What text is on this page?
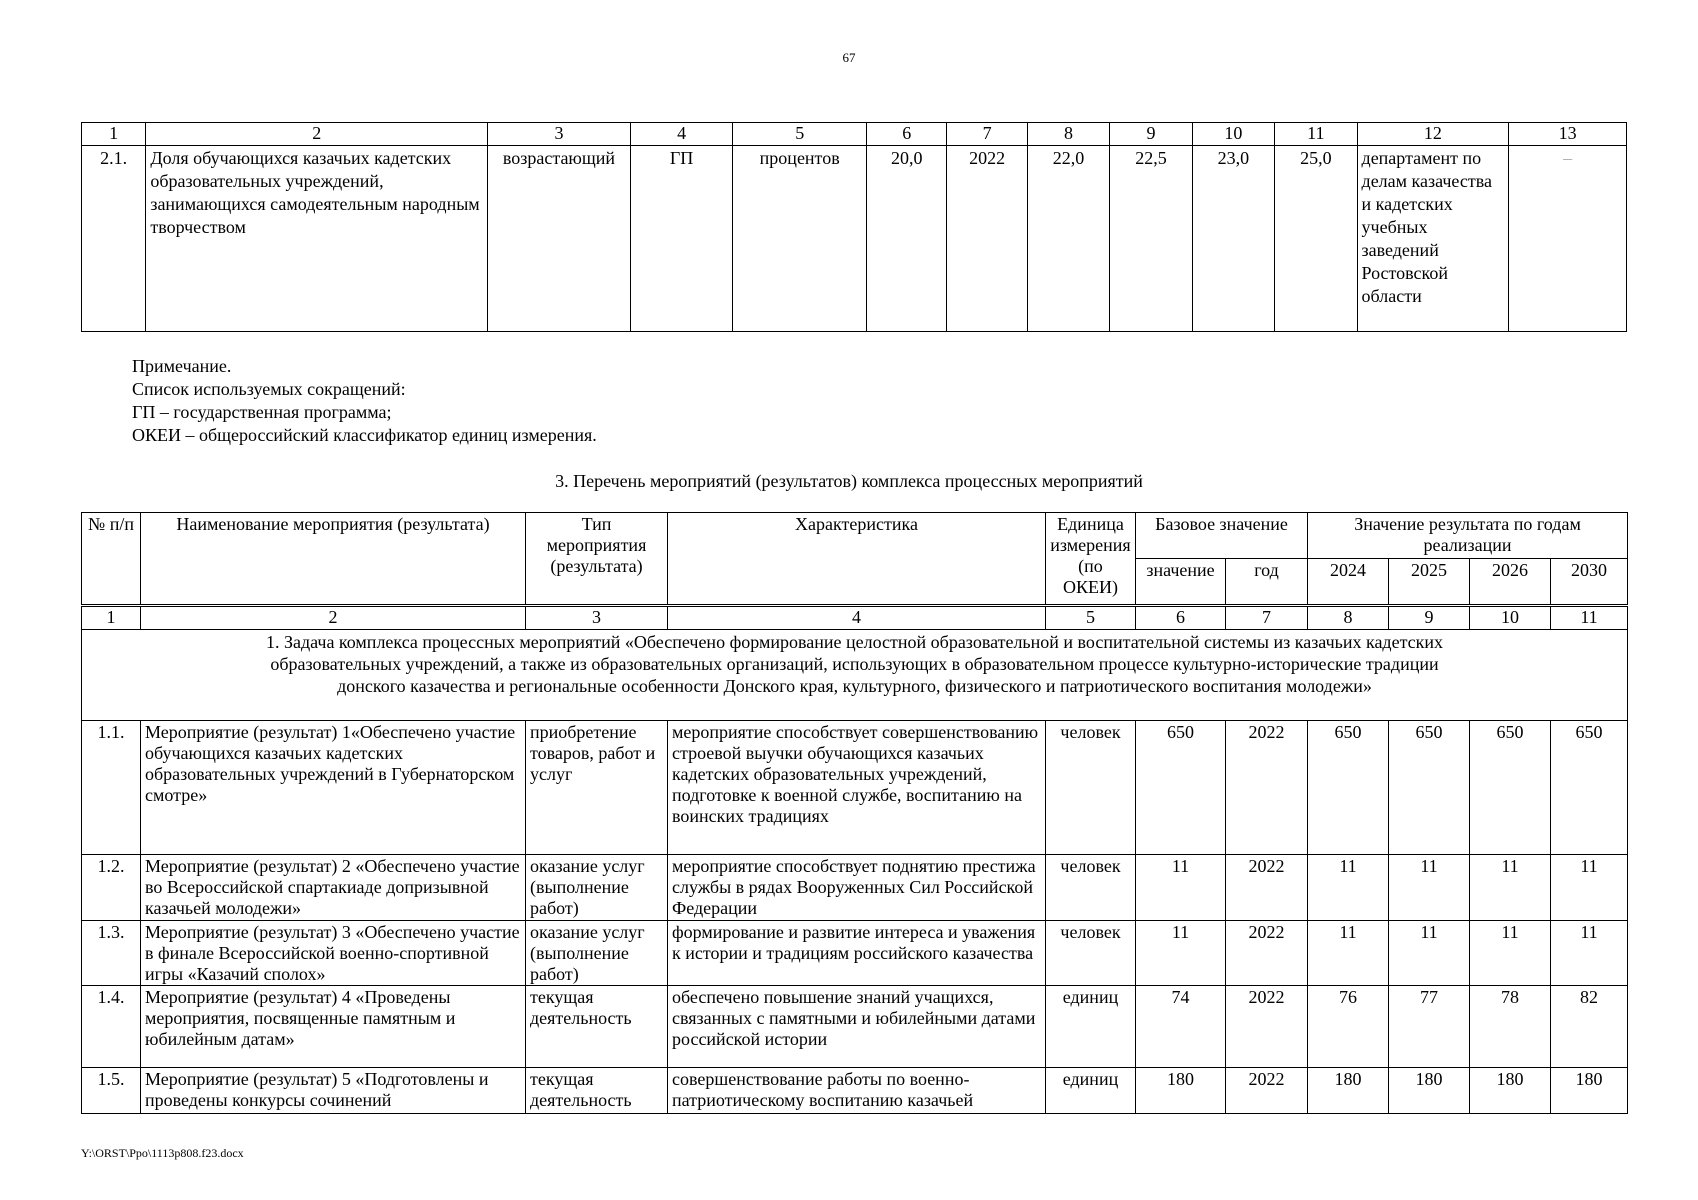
67
1	2	3	4	5	6	7	8	9	10	11	12	13
2.1.	Доля обучающихся казачьих кадетских образовательных учреждений, занимающихся самодеятельным народным творчеством	возрастающий	ГП	процентов	20,0	2022	22,0	22,5	23,0	25,0	департамент по делам казачества и кадетских учебных заведений Ростовской области	–
Примечание.
Список используемых сокращений:
ГП – государственная программа;
ОКЕИ – общероссийский классификатор единиц измерения.
3. Перечень мероприятий (результатов) комплекса процессных мероприятий
№ п/п	Наименование мероприятия (результата)	Тип мероприятия (результата)	Характеристика	Единица измерения (по ОКЕИ)	Базовое значение		Значение результата по годам реализации			
					значение	год	2024	2025	2026	2030
1	2	3	4	5	6	7	8	9	10	11
1. Задача комплекса процессных мероприятий «Обеспечено формирование целостной образовательной и воспитательной системы из казачьих кадетских образовательных учреждений, а также из образовательных организаций, использующих в образовательном процессе культурно-исторические традиции донского казачества и региональные особенности Донского края, культурного, физического и патриотического воспитания молодежи»										
1.1.	Мероприятие (результат) 1«Обеспечено участие обучающихся казачьих кадетских образовательных учреждений в Губернаторском смотре»	приобретение товаров, работ и услуг	мероприятие способствует совершенствованию строевой выучки обучающихся казачьих кадетских образовательных учреждений, подготовке к военной службе, воспитанию на воинских традициях	человек	650	2022	650	650	650	650
1.2.	Мероприятие (результат) 2 «Обеспечено участие во Всероссийской спартакиаде допризывной казачьей молодежи»	оказание услуг (выполнение работ)	мероприятие способствует поднятию престижа службы в рядах Вооруженных Сил Российской Федерации	человек	11	2022	11	11	11	11
1.3.	Мероприятие (результат) 3 «Обеспечено участие в финале Всероссийской военно-спортивной игры «Казачий сполох»	оказание услуг (выполнение работ)	формирование и развитие интереса и уважения к истории и традициям российского казачества	человек	11	2022	11	11	11	11
1.4.	Мероприятие (результат) 4 «Проведены мероприятия, посвященные памятным и юбилейным датам»	текущая деятельность	обеспечено повышение знаний учащихся, связанных с памятными и юбилейными датами российской истории	единиц	74	2022	76	77	78	82
1.5.	Мероприятие (результат) 5 «Подготовлены и проведены конкурсы сочинений	текущая деятельность	совершенствование работы по военно-патриотическому воспитанию казачьей	единиц	180	2022	180	180	180	180
Y:\ORST\Ppo\1113p808.f23.docx
